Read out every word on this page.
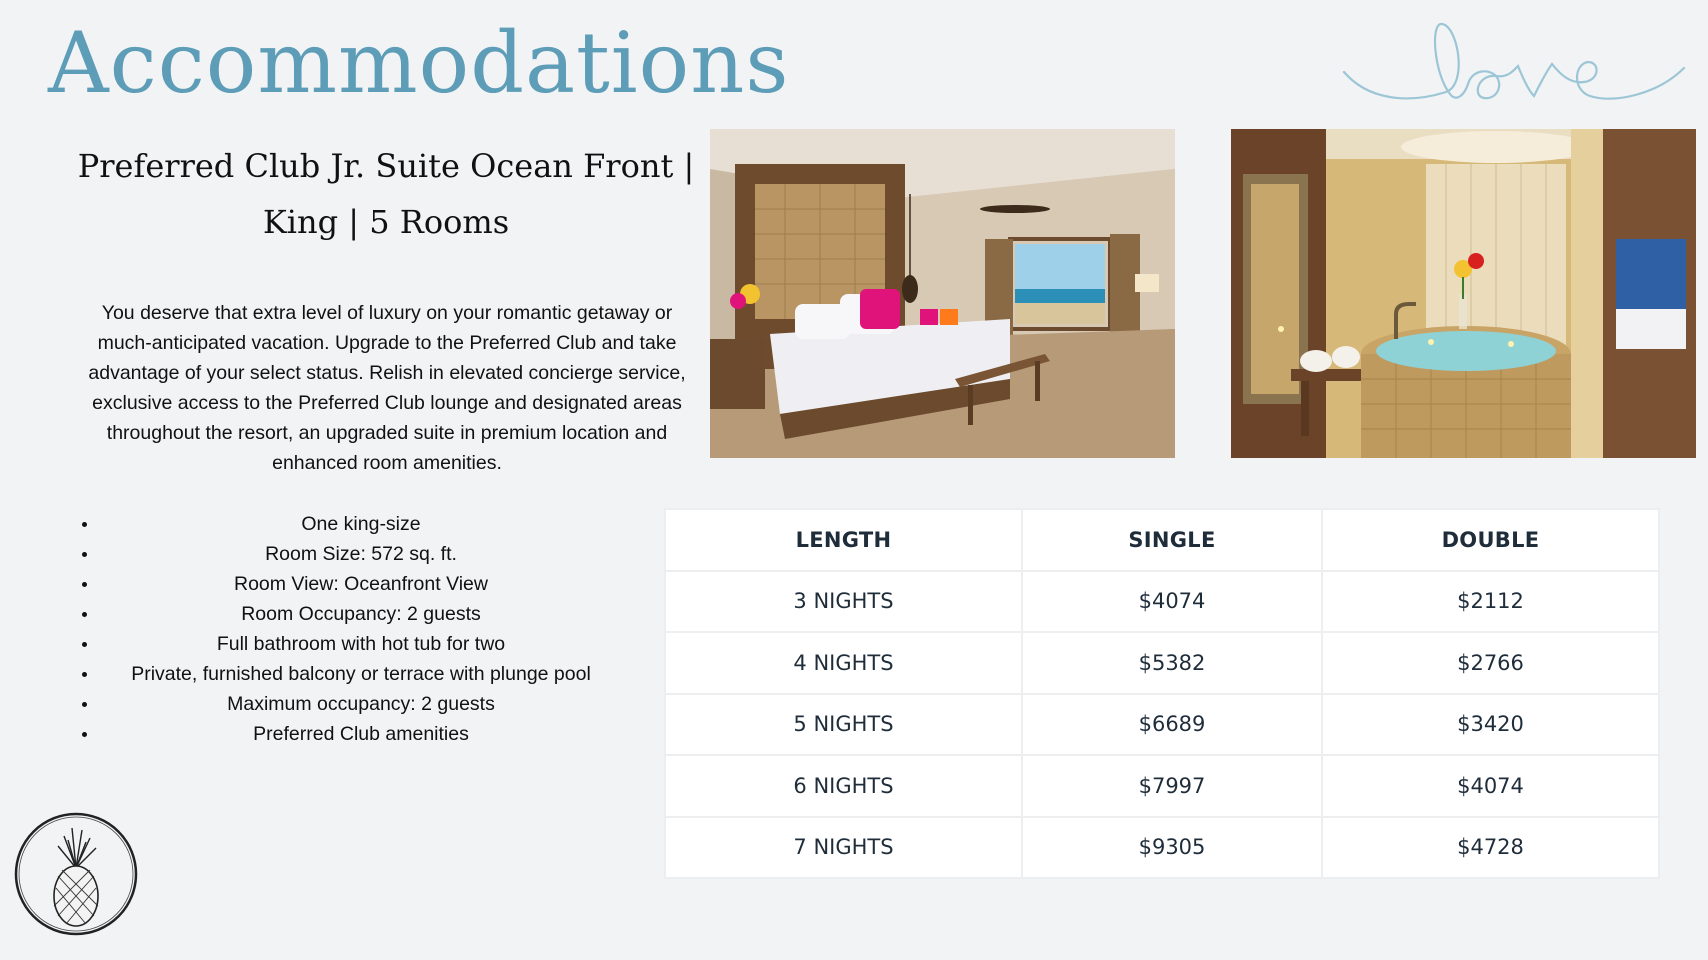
Accommodations
Preferred Club Jr. Suite Ocean Front |
King | 5 Rooms

You deserve that extra level of luxury on your romantic getaway or much-anticipated vacation. Upgrade to the Preferred Club and take advantage of your select status. Relish in elevated concierge service, exclusive access to the Preferred Club lounge and designated areas throughout the resort, an upgraded suite in premium location and enhanced room amenities.

One king-size
Room Size: 572 sq. ft.
Room View: Oceanfront View
Room Occupancy: 2 guests
Full bathroom with hot tub for two
Private, furnished balcony or terrace with plunge pool
Maximum occupancy: 2 guests
Preferred Club amenities
LENGTH	SINGLE	DOUBLE
3 NIGHTS	$4074	$2112
4 NIGHTS	$5382	$2766
5 NIGHTS	$6689	$3420
6 NIGHTS	$7997	$4074
7 NIGHTS	$9305	$4728
